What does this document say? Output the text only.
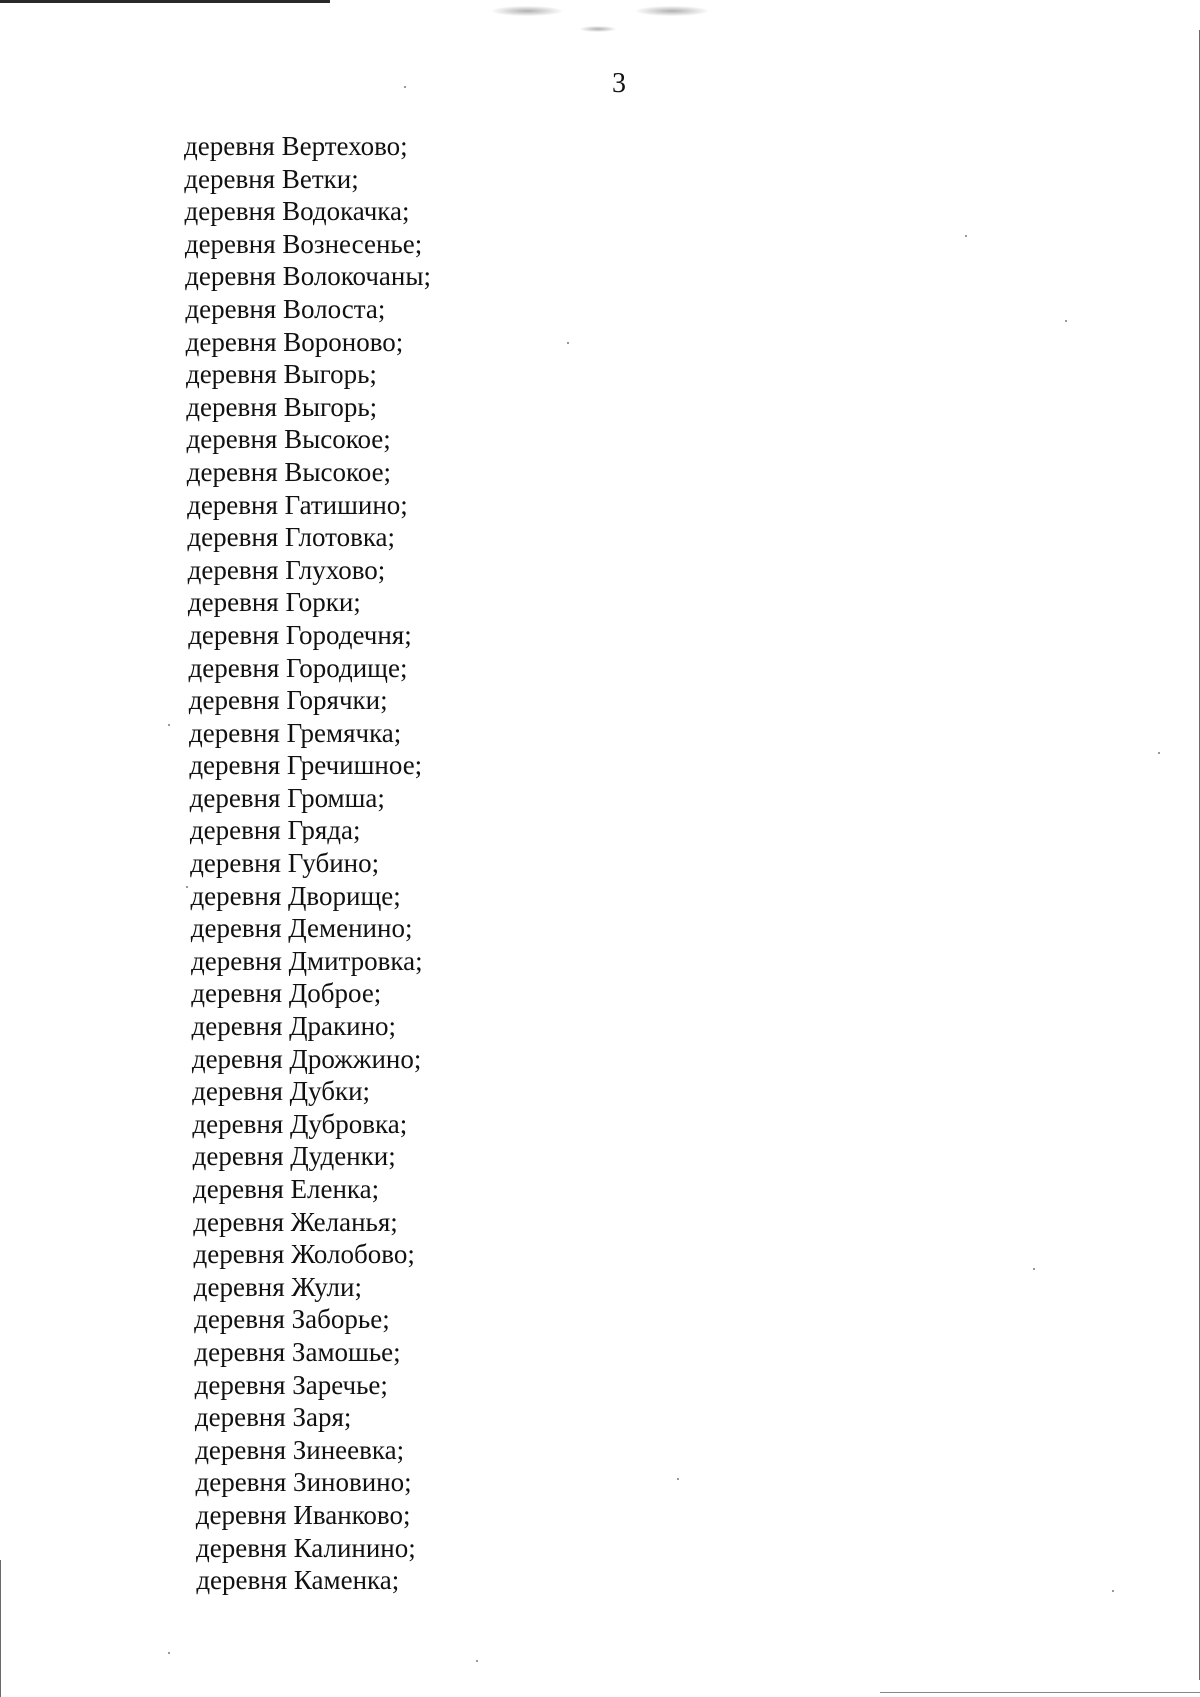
3
деревня Вертехово;
деревня Ветки;
деревня Водокачка;
деревня Вознесенье;
деревня Волокочаны;
деревня Волоста;
деревня Вороново;
деревня Выгорь;
деревня Выгорь;
деревня Высокое;
деревня Высокое;
деревня Гатишино;
деревня Глотовка;
деревня Глухово;
деревня Горки;
деревня Городечня;
деревня Городище;
деревня Горячки;
деревня Гремячка;
деревня Гречишное;
деревня Громша;
деревня Гряда;
деревня Губино;
деревня Дворище;
деревня Деменино;
деревня Дмитровка;
деревня Доброе;
деревня Дракино;
деревня Дрожжино;
деревня Дубки;
деревня Дубровка;
деревня Дуденки;
деревня Еленка;
деревня Желанья;
деревня Жолобово;
деревня Жули;
деревня Заборье;
деревня Замошье;
деревня Заречье;
деревня Заря;
деревня Зинеевка;
деревня Зиновино;
деревня Иванково;
деревня Калинино;
деревня Каменка;
